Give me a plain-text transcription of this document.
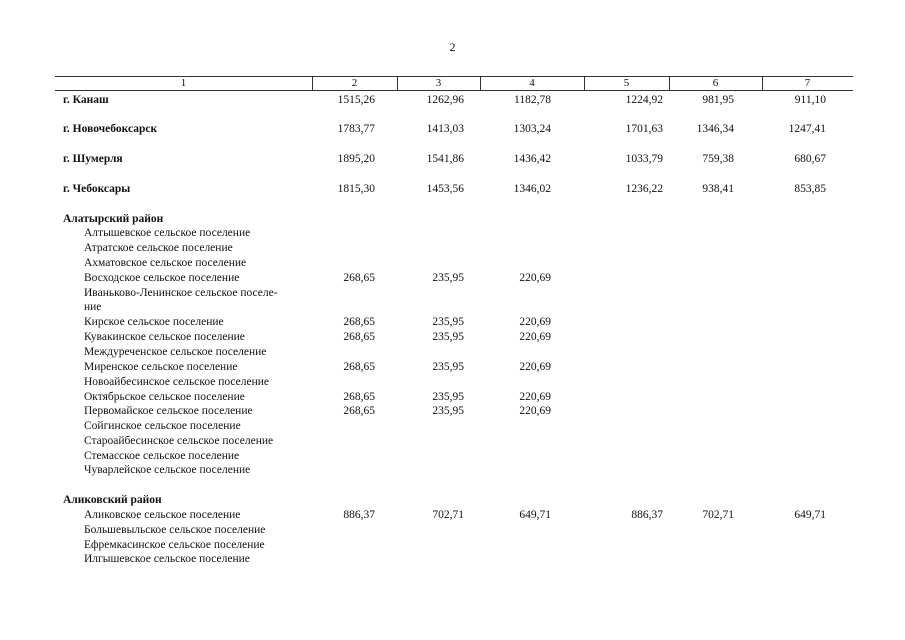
2
1	2	3	4	5	6	7
г. Канаш	1515,26	1262,96	1182,78	1224,92	981,95	911,10
г. Новочебоксарск	1783,77	1413,03	1303,24	1701,63	1346,34	1247,41
г. Шумерля	1895,20	1541,86	1436,42	1033,79	759,38	680,67
г. Чебоксары	1815,30	1453,56	1346,02	1236,22	938,41	853,85
Алатырский район
Алтышевское сельское поселение
Атратское сельское поселение
Ахматовское сельское поселение
Восходское сельское поселение	268,65	235,95	220,69
Иваньково-Ленинское сельское поселе-
ние
Кирское сельское поселение	268,65	235,95	220,69
Кувакинское сельское поселение	268,65	235,95	220,69
Междуреченское сельское поселение
Миренское сельское поселение	268,65	235,95	220,69
Новоайбесинское сельское поселение
Октябрьское сельское поселение	268,65	235,95	220,69
Первомайское сельское поселение	268,65	235,95	220,69
Сойгинское сельское поселение
Староайбесинское сельское поселение
Стемасское сельское поселение
Чуварлейское сельское поселение
Аликовский район
Аликовское сельское поселение	886,37	702,71	649,71	886,37	702,71	649,71
Большевыльское сельское поселение
Ефремкасинское сельское поселение
Илгышевское сельское поселение
